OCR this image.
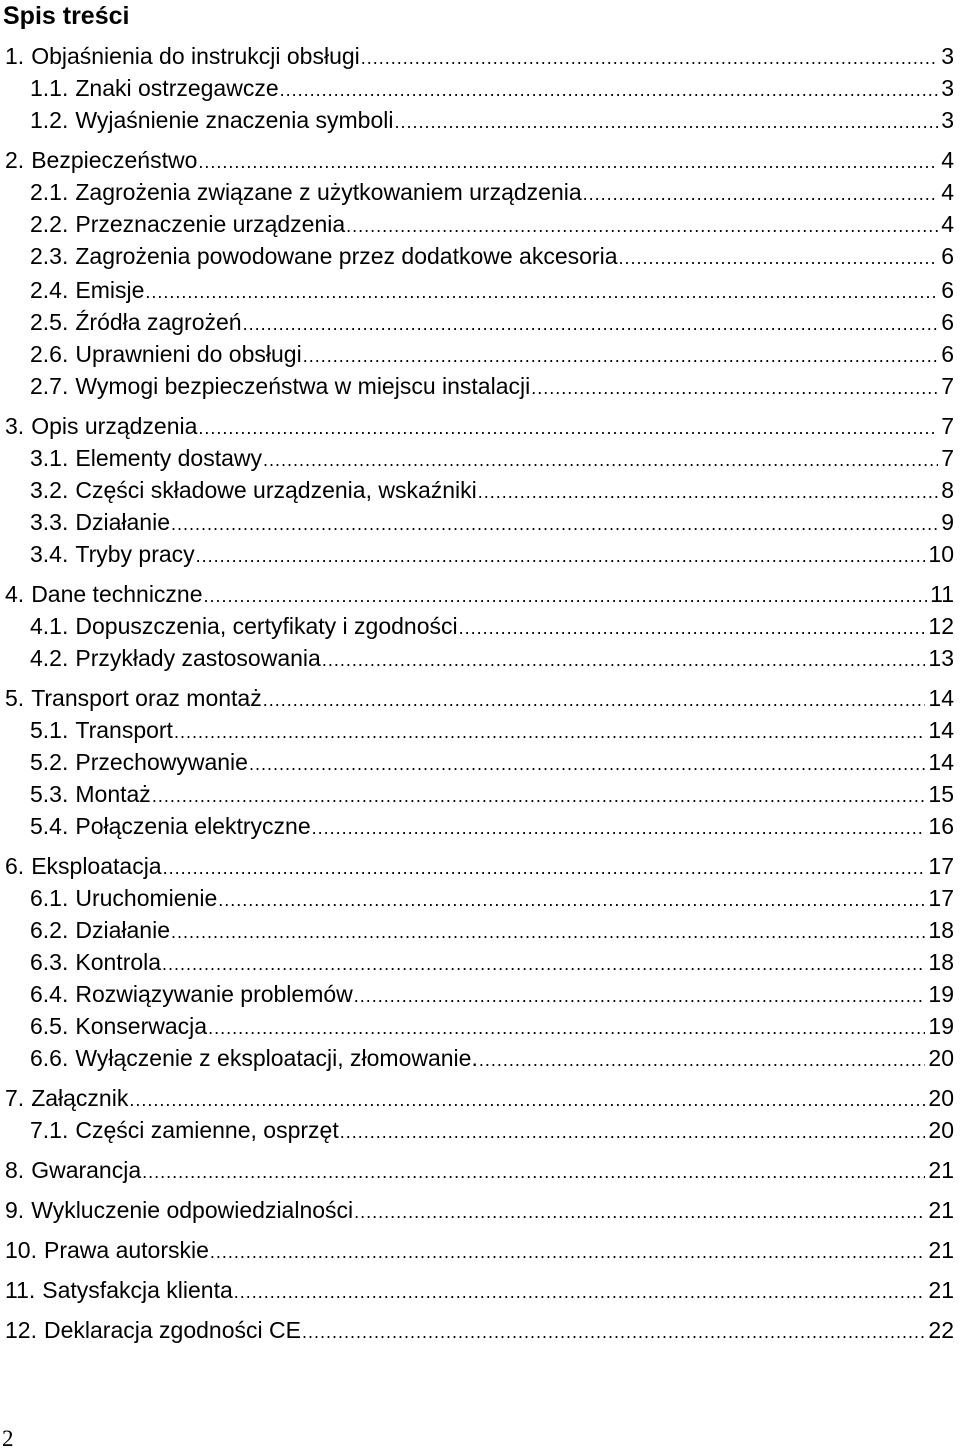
Spis treści
1. Objaśnienia do instrukcji obsługi .....	3
1.1. Znaki ostrzegawcze .....	3
1.2. Wyjaśnienie znaczenia symboli .....	3
2. Bezpieczeństwo .....	4
2.1. Zagrożenia związane z użytkowaniem urządzenia .....	4
2.2. Przeznaczenie urządzenia .....	4
2.3. Zagrożenia powodowane przez dodatkowe akcesoria .....	6
2.4. Emisje .....	6
2.5. Źródła zagrożeń .....	6
2.6. Uprawnieni do obsługi .....	6
2.7. Wymogi bezpieczeństwa w miejscu instalacji .....	7
3. Opis urządzenia .....	7
3.1. Elementy dostawy .....	7
3.2. Części składowe urządzenia, wskaźniki .....	8
3.3. Działanie .....	9
3.4. Tryby pracy .....	10
4. Dane techniczne .....	11
4.1. Dopuszczenia, certyfikaty i zgodności .....	12
4.2. Przykłady zastosowania .....	13
5. Transport oraz montaż .....	14
5.1. Transport .....	14
5.2. Przechowywanie .....	14
5.3. Montaż .....	15
5.4. Połączenia elektryczne .....	16
6. Eksploatacja .....	17
6.1. Uruchomienie .....	17
6.2. Działanie .....	18
6.3. Kontrola .....	18
6.4. Rozwiązywanie problemów .....	19
6.5. Konserwacja .....	19
6.6. Wyłączenie z eksploatacji, złomowanie. .....	20
7. Załącznik .....	20
7.1. Części zamienne, osprzęt .....	20
8. Gwarancja .....	21
9. Wykluczenie odpowiedzialności .....	21
10. Prawa autorskie .....	21
11. Satysfakcja klienta .....	21
12. Deklaracja zgodności CE .....	22
2
